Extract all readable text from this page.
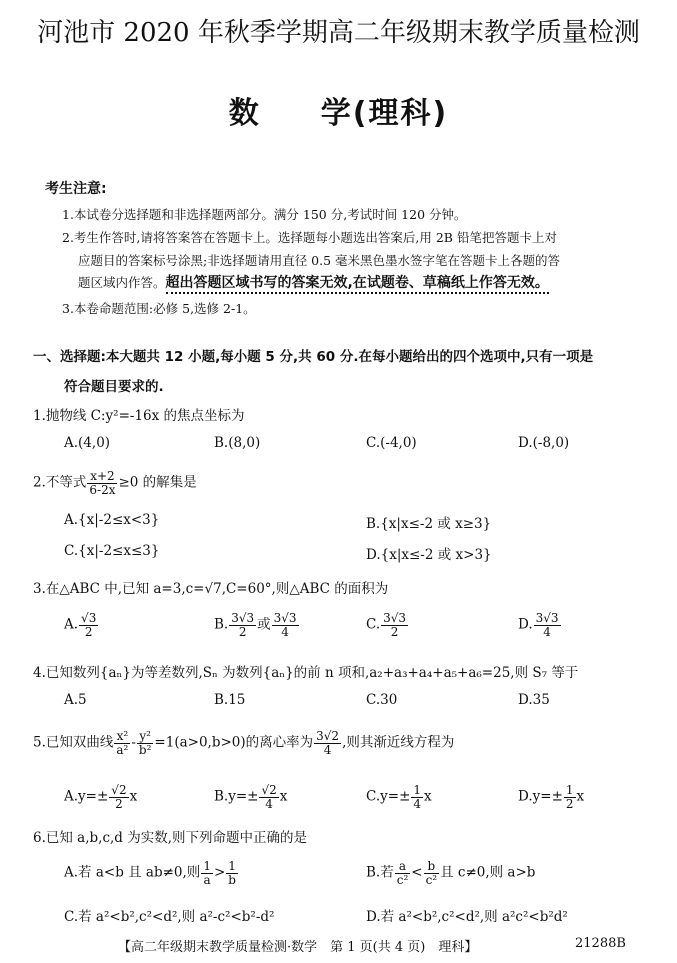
河池市 2020 年秋季学期高二年级期末教学质量检测
数 学(理科)
考生注意:
1.本试卷分选择题和非选择题两部分。满分 150 分,考试时间 120 分钟。
2.考生作答时,请将答案答在答题卡上。选择题每小题选出答案后,用 2B 铅笔把答题卡上对
应题目的答案标号涂黑;非选择题请用直径 0.5 毫米黑色墨水签字笔在答题卡上各题的答
题区域内作答。超出答题区域书写的答案无效,在试题卷、草稿纸上作答无效。
3.本卷命题范围:必修 5,选修 2-1。
一、选择题:本大题共 12 小题,每小题 5 分,共 60 分.在每小题给出的四个选项中,只有一项是
符合题目要求的.
1.抛物线 C:y²=-16x 的焦点坐标为
A.(4,0)	B.(8,0)	C.(-4,0)	D.(-8,0)
2.不等式 $\frac{x+2}{6-2x} \ge 0$ 的解集是
A.{x|-2≤x<3}	B.{x|x≤-2 或 x≥3}
C.{x|-2≤x≤3}	D.{x|x≤-2 或 x>3}
3.在△ABC 中,已知 a=3,c=√7,C=60°,则△ABC 的面积为
A. $\frac{√3}{2}$	B. $\frac{3√3}{2}$ 或 $\frac{3√3}{4}$	C. $\frac{3√3}{2}$	D. $\frac{3√3}{4}$
4.已知数列{aₙ}为等差数列,Sₙ 为数列{aₙ}的前 n 项和,a₂+a₃+a₄+a₅+a₆=25,则 S₇ 等于
A.5	B.15	C.30	D.35
5.已知双曲线 $\frac{\text{x²}}{\text{a²}} - \frac{\text{y²}}{\text{b²}} =1(a>0,b>0)$的离心率为 $\frac{3√2}{4}$ ,则其渐近线方程为
$A.y=\pm \frac{√2}{2}$ x	$B.y=\pm \frac{√2}{4}$ x	$C.y=\pm \frac{1}{4}$ x	$D.y=\pm \frac{1}{2}$ x
6.已知 a,b,c,d 为实数,则下列命题中正确的是
A.若 a<b 且 ab≠0,则 $\frac{1}{a} > \frac{1}{b}$	B.若 $\frac{a}{\text{c²}} < \frac{b}{\text{c²}}$ 且 c≠0,则 a>b
C.若 a²<b²,c²<d²,则 a²-c²<b²-d²	D.若 a²<b²,c²<d²,则 a²c²<b²d²
【高二年级期末教学质量检测·数学　第 1 页(共 4 页)　理科】	21288B
